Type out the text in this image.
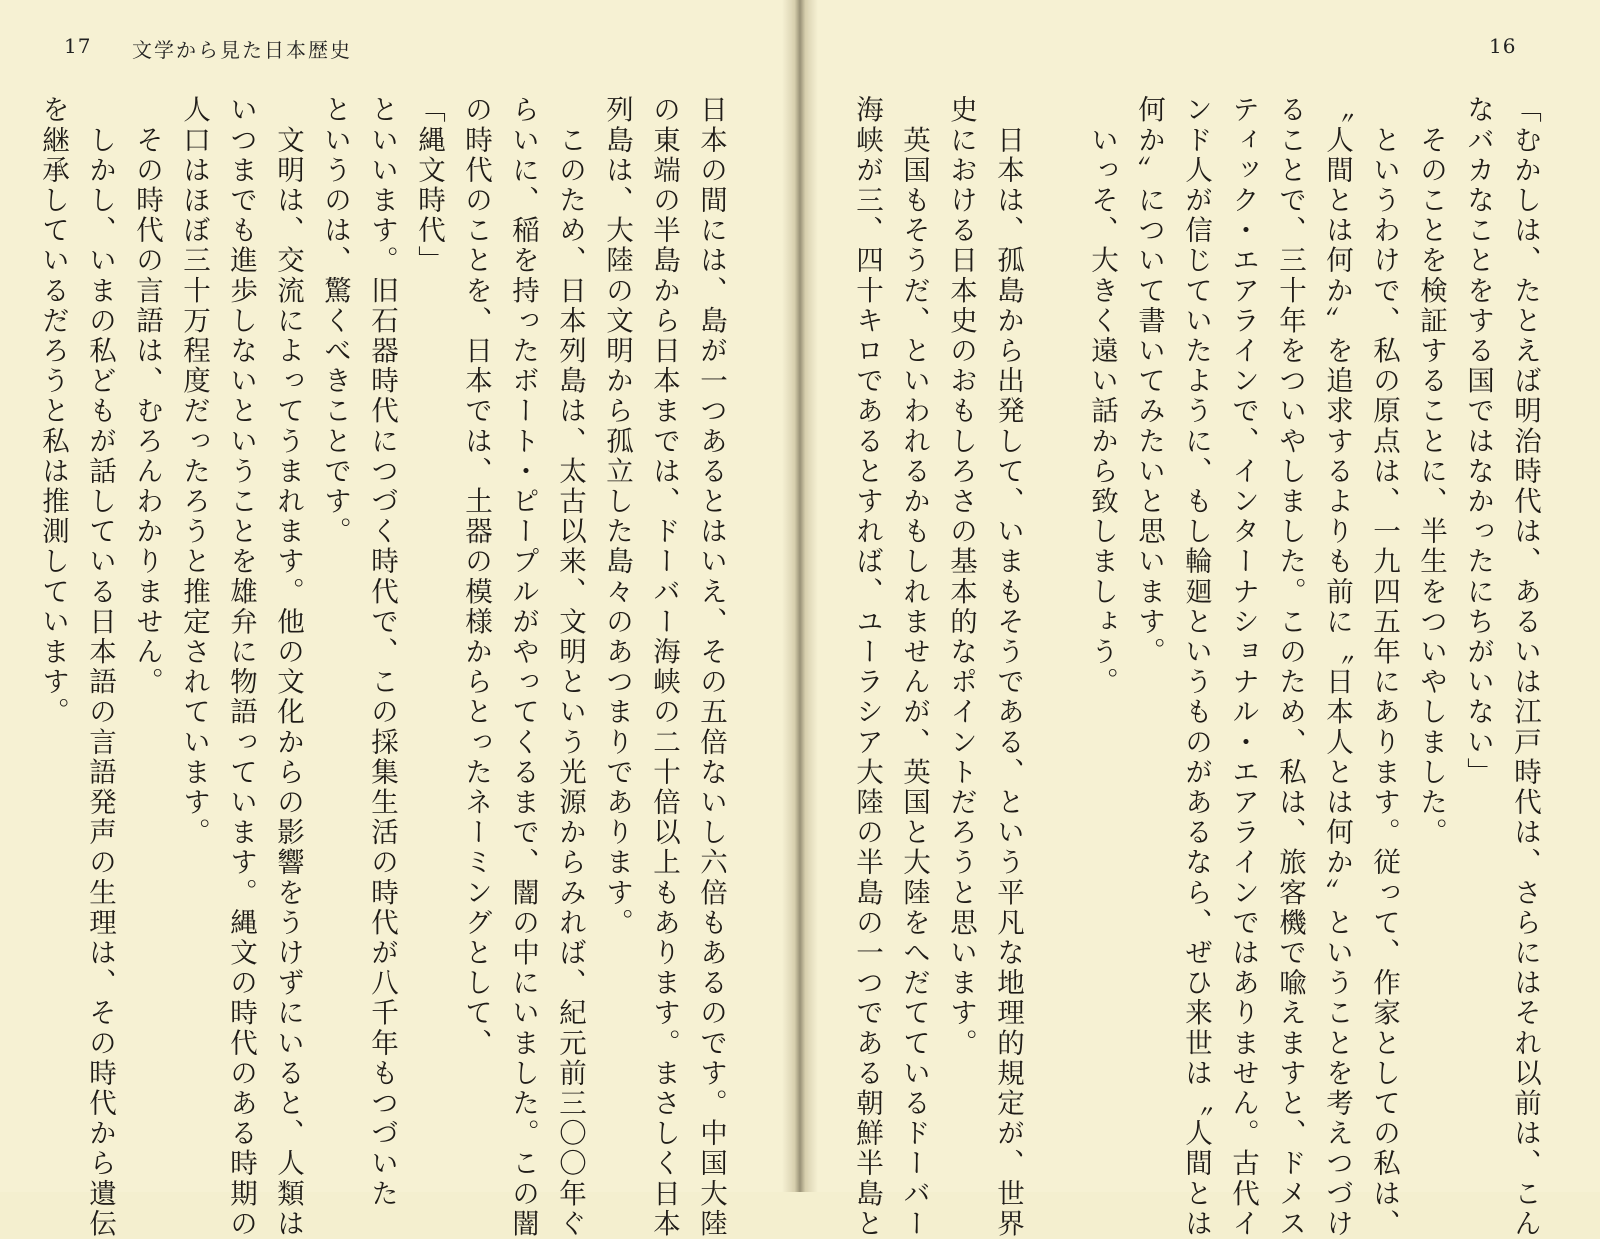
17 文学から見た日本歴史	16
「むかしは、たとえば明治時代は、あるいは江戸時代は、さらにはそれ以前は、こん
なバカなことをする国ではなかったにちがいない」
　そのことを検証することに、半生をついやしました。
　というわけで、私の原点は、一九四五年にあります。従って、作家としての私は、
〝人間とは何か〟を追求するよりも前に〝日本人とは何か〟ということを考えつづけ
ることで、三十年をついやしました。このため、私は、旅客機で喩えますと、ドメス
ティック・エアラインで、インターナショナル・エアラインではありません。古代イ
ンド人が信じていたように、もし輪廻というものがあるなら、ぜひ来世は〝人間とは
何か〟について書いてみたいと思います。
　いっそ、大きく遠い話から致しましょう。
　日本は、孤島から出発して、いまもそうである、という平凡な地理的規定が、世界
史における日本史のおもしろさの基本的なポイントだろうと思います。
　英国もそうだ、といわれるかもしれませんが、英国と大陸をへだてているドーバー
海峡が三、四十キロであるとすれば、ユーラシア大陸の半島の一つである朝鮮半島と
日本の間には、島が一つあるとはいえ、その五倍ないし六倍もあるのです。中国大陸
の東端の半島から日本までは、ドーバー海峡の二十倍以上もあります。まさしく日本
列島は、大陸の文明から孤立した島々のあつまりであります。
　このため、日本列島は、太古以来、文明という光源からみれば、紀元前三〇〇年ぐ
らいに、稲を持ったボート・ピープルがやってくるまで、闇の中にいました。この闇
の時代のことを、日本では、土器の模様からとったネーミングとして、
「縄文時代」
といいます。旧石器時代につづく時代で、この採集生活の時代が八千年もつづいた
というのは、驚くべきことです。
　文明は、交流によってうまれます。他の文化からの影響をうけずにいると、人類は
いつまでも進歩しないということを雄弁に物語っています。縄文の時代のある時期の
人口はほぼ三十万程度だったろうと推定されています。
　その時代の言語は、むろんわかりません。
　しかし、いまの私どもが話している日本語の言語発声の生理は、その時代から遺伝
を継承しているだろうと私は推測しています。
